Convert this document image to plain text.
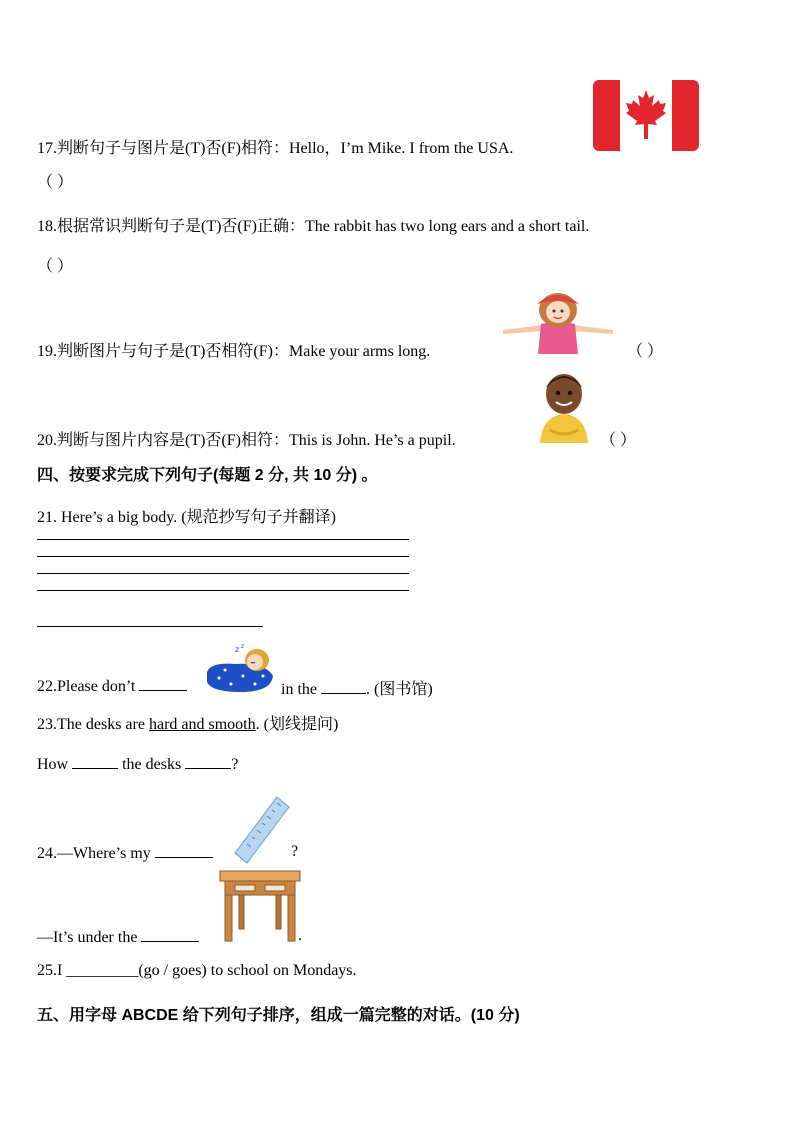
17.判断句子与图片是(T)否(F)相符：Hello，I’m Mike. I from the USA.
（ ）
18.根据常识判断句子是(T)否(F)正确：The rabbit has two long ears and a short tail.
（ ）
19.判断图片与句子是(T)否相符(F)：Make your arms long.	（ ）
20.判断与图片内容是(T)否(F)相符：This is John. He’s a pupil.	（ ）
四、按要求完成下列句子(每题 2 分, 共 10 分) 。
21. Here’s a big body. (规范抄写句子并翻译)
22.Please don’t
z z
in the	. (图书馆)
23.The desks are hard and smooth. (划线提问)
How	the desks	?
24.—Where’s my	?
—It’s under the	.
25.I _________(go / goes) to school on Mondays.
五、用字母 ABCDE 给下列句子排序，组成一篇完整的对话。(10 分)
